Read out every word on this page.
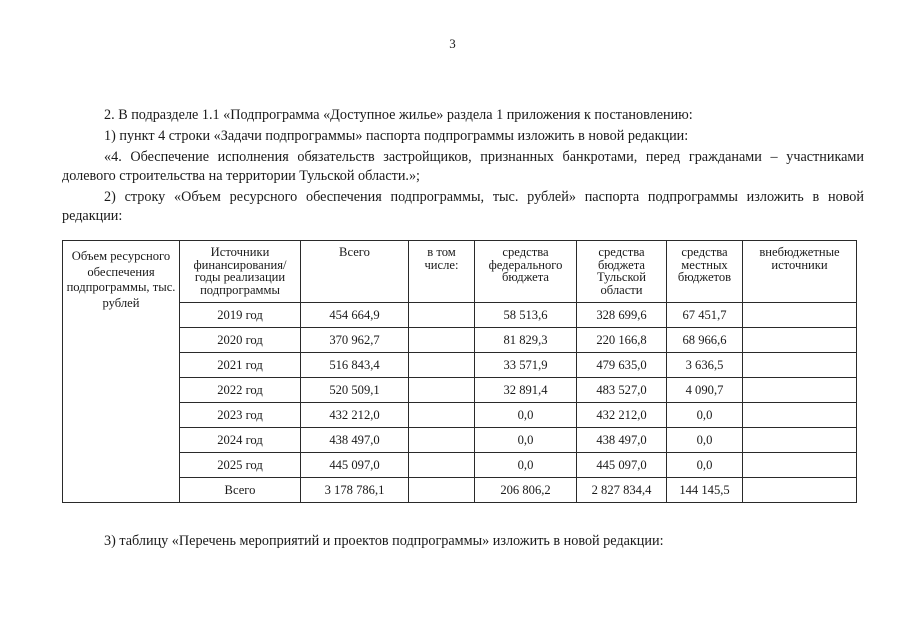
3

2. В подразделе 1.1 «Подпрограмма «Доступное жилье» раздела 1 приложения к постановлению:

1) пункт 4 строки «Задачи подпрограммы» паспорта подпрограммы изложить в новой редакции:

«4. Обеспечение исполнения обязательств застройщиков, признанных банкротами, перед гражданами – участниками долевого строительства на территории Тульской области.»;

2) строку «Объем ресурсного обеспечения подпрограммы, тыс. рублей» паспорта подпрограммы изложить в новой редакции:

Объем ресурсного обеспечения подпрограммы, тыс. рублей	Источники финансирования/ годы реализации подпрограммы	Всего	в том числе:	средства федерального бюджета	средства бюджета Тульской области	средства местных бюджетов	внебюджетные источники
	2019 год	454 664,9		58 513,6	328 699,6	67 451,7	
	2020 год	370 962,7		81 829,3	220 166,8	68 966,6	
	2021 год	516 843,4		33 571,9	479 635,0	3 636,5	
	2022 год	520 509,1		32 891,4	483 527,0	4 090,7	
	2023 год	432 212,0		0,0	432 212,0	0,0	
	2024 год	438 497,0		0,0	438 497,0	0,0	
	2025 год	445 097,0		0,0	445 097,0	0,0	
	Всего	3 178 786,1		206 806,2	2 827 834,4	144 145,5	

3) таблицу «Перечень мероприятий и проектов подпрограммы» изложить в новой редакции:
